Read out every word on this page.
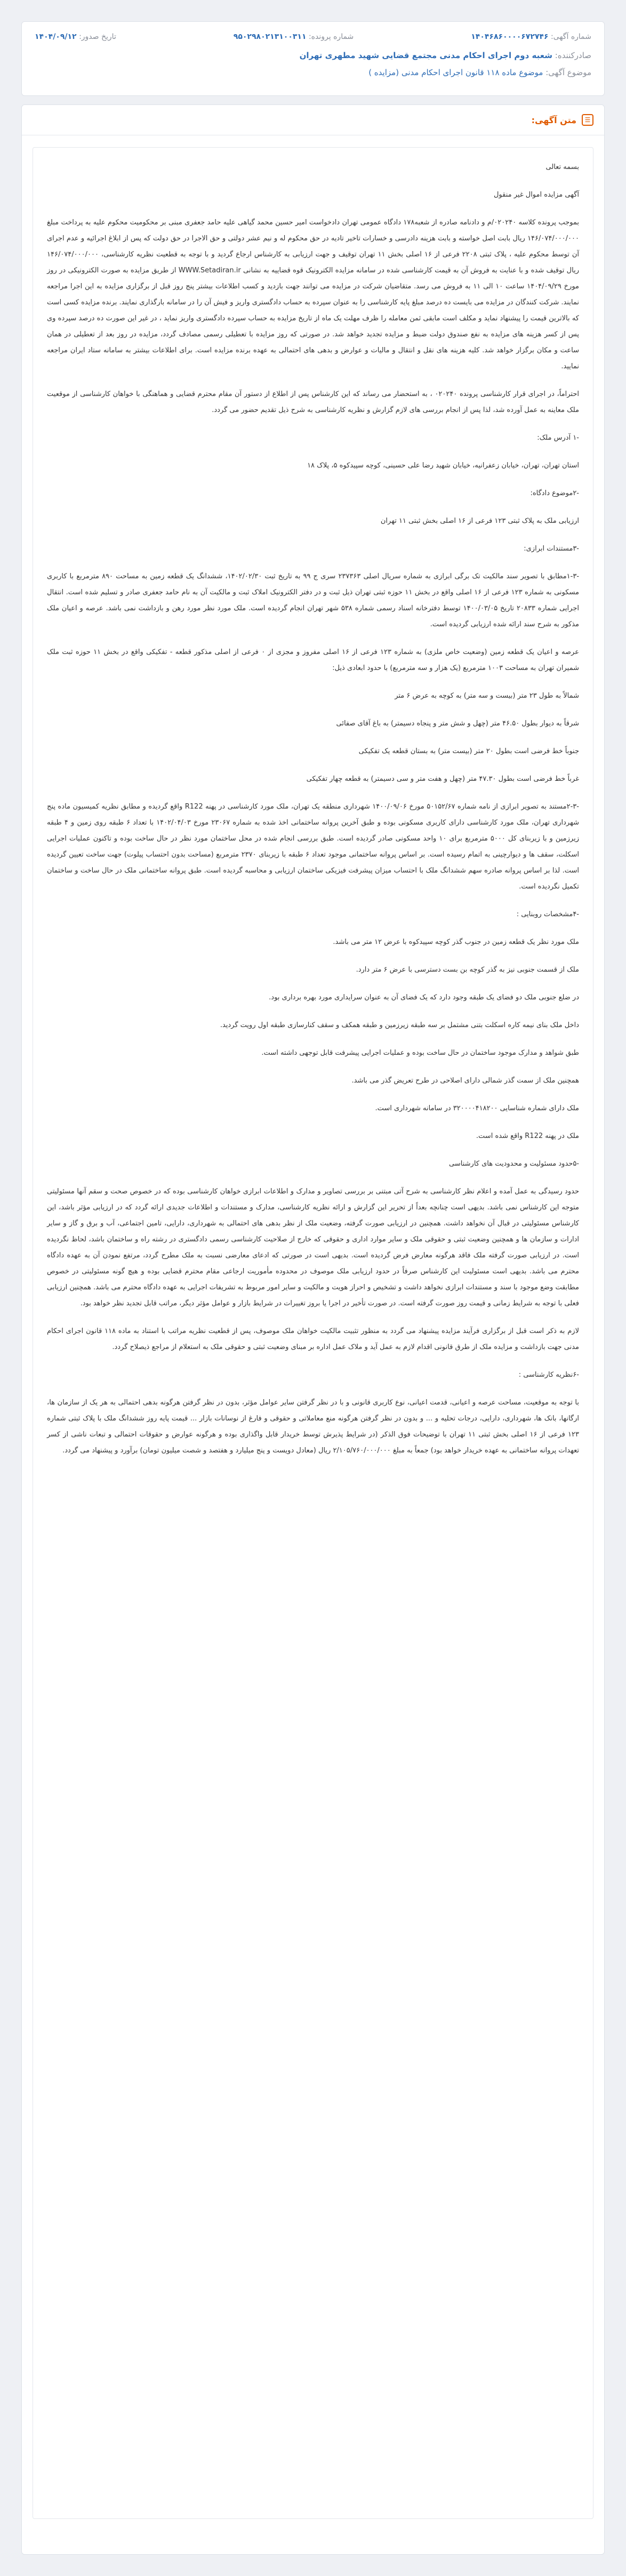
شماره آگهی: ۱۴۰۴۶۸۶۰۰۰۰۶۷۲۷۴۶
شماره پرونده: ۹۵۰۲۹۸۰۲۱۳۱۰۰۳۱۱
تاریخ صدور: ۱۴۰۴/۰۹/۱۲
صادرکننده: شعبه دوم اجرای احکام مدنی مجتمع قضایی شهید مطهری تهران
موضوع آگهی: موضوع ماده ۱۱۸ قانون اجرای احکام مدنی (مزایده )
☰
متن آگهی:

بسمه تعالی

آگهی مزایده اموال غیر منقول

بموجب پرونده کلاسه ۰۲۰۲۴۰/م و دادنامه صادره از شعبه۱۷۸ دادگاه عمومی تهران دادخواست امیر حسین محمد گیاهی علیه حامد جعفری مبنی بر محکومیت محکوم علیه به پرداخت مبلغ ۱۴۶/۰۷۴/۰۰۰/۰۰۰ ریال بابت اصل خواسته و بابت هزینه دادرسی و خسارات تاخیر تادیه در حق محکوم له و نیم عشر دولتی و حق الاجرا در حق دولت که پس از ابلاغ اجرائیه و عدم اجرای آن توسط محکوم علیه ، پلاک ثبتی ۲۲۰۸ فرعی از ۱۶ اصلی بخش ۱۱ تهران توقیف و جهت ارزیابی به کارشناس ارجاع گردید و با توجه به قطعیت نظریه کارشناسی، ۱۴۶/۰۷۴/۰۰۰/۰۰۰ ریال توقیف شده و با عنایت به فروش آن به قیمت کارشناسی شده در سامانه مزایده الکترونیک قوه قضاییه به نشانی WWW.Setadiran.ir از طریق مزایده به صورت الکترونیکی در روز مورخ ۱۴۰۴/۰۹/۲۹ ساعت ۱۰ الی ۱۱ به فروش می رسد. متقاضیان شرکت در مزایده می توانند جهت بازدید و کسب اطلاعات بیشتر پنج روز قبل از برگزاری مزایده به این اجرا مراجعه نمایند. شرکت کنندگان در مزایده می بایست ده درصد مبلغ پایه کارشناسی را به عنوان سپرده به حساب دادگستری واریز و فیش آن را در سامانه بارگذاری نمایند. برنده مزایده کسی است که بالاترین قیمت را پیشنهاد نماید و مکلف است مابقی ثمن معامله را ظرف مهلت یک ماه از تاریخ مزایده به حساب سپرده دادگستری واریز نماید ، در غیر این صورت ده درصد سپرده وی پس از کسر هزینه های مزایده به نفع صندوق دولت ضبط و مزایده تجدید خواهد شد. در صورتی که روز مزایده با تعطیلی رسمی مصادف گردد، مزایده در روز بعد از تعطیلی در همان ساعت و مکان برگزار خواهد شد. کلیه هزینه های نقل و انتقال و مالیات و عوارض و بدهی های احتمالی به عهده برنده مزایده است. برای اطلاعات بیشتر به سامانه ستاد ایران مراجعه نمایید.

احتراماً، در اجرای قرار کارشناسی پرونده ۰۲۰۲۴۰ ، به استحضار می رساند که این کارشناس پس از اطلاع از دستور آن مقام محترم قضایی و هماهنگی با خواهان کارشناسی از موقعیت ملک معاینه به عمل آورده شد، لذا پس از انجام بررسی های لازم گزارش و نظریه کارشناسی به شرح ذیل تقدیم حضور می گردد.

-۱ آدرس ملک:

استان تهران، تهران، خیابان زعفرانیه، خیابان شهید رضا علی حسینی، کوچه سپیدکوه ۵، پلاک ۱۸

-۲موضوع دادگاه:

ارزیابی ملک به پلاک ثبتی ۱۲۳ فرعی از ۱۶ اصلی بخش ثبتی ۱۱ تهران

-۳مستندات ابرازی:

-۱-۳مطابق با تصویر سند مالکیت تک برگی ابرازی به شماره سریال اصلی ۲۳۷۳۶۳ سری ج ۹۹ به تاریخ ثبت ۱۴۰۲/۰۲/۳۰، ششدانگ یک قطعه زمین به مساحت ۸۹۰ مترمربع با کاربری مسکونی به شماره ۱۲۳ فرعی از ۱۶ اصلی واقع در بخش ۱۱ حوزه ثبتی تهران ذیل ثبت و در دفتر الکترونیک املاک ثبت و مالکیت آن به نام حامد جعفری صادر و تسلیم شده است. انتقال اجرایی شماره ۲۰۸۳۳ تاریخ ۱۴۰۰/۰۳/۰۵ توسط دفترخانه اسناد رسمی شماره ۵۳۸ شهر تهران انجام گردیده است. ملک مورد نظر مورد رهن و بازداشت نمی باشد. عرصه و اعیان ملک مذکور به شرح سند ارائه شده ارزیابی گردیده است.

عرصه و اعیان یک قطعه زمین (وضعیت خاص ملزی) به شماره ۱۲۳ فرعی از ۱۶ اصلی مفروز و مجزی از ۰ فرعی از اصلی مذکور قطعه - تفکیکی واقع در بخش ۱۱ حوزه ثبت ملک شمیران تهران به مساحت ۱۰۰۳ مترمربع (یک هزار و سه مترمربع) با حدود ابعادی ذیل:

شمالاً به طول ۲۳ متر (بیست و سه متر) به کوچه به عرض ۶ متر

شرقاً به دیوار بطول ۴۶.۵۰ متر (چهل و شش متر و پنجاه دسیمتر) به باغ آقای صفائی

جنوباً خط فرضی است بطول ۲۰ متر (بیست متر) به بستان قطعه یک تفکیکی

غرباً خط فرضی است بطول ۴۷.۳۰ متر (چهل و هفت متر و سی دسیمتر) به قطعه چهار تفکیکی

-۲-۳مستند به تصویر ابرازی از نامه شماره ۵۰۱۵۲/۶۷ مورخ ۱۴۰۰/۰۹/۰۶ شهرداری منطقه یک تهران، ملک مورد کارشناسی در پهنه R122 واقع گردیده و مطابق نظریه کمیسیون ماده پنج شهرداری تهران، ملک مورد کارشناسی دارای کاربری مسکونی بوده و طبق آخرین پروانه ساختمانی اخذ شده به شماره ۲۳۰۶۷ مورخ ۱۴۰۲/۰۴/۰۳ با تعداد ۶ طبقه روی زمین و ۴ طبقه زیرزمین و با زیربنای کل ۵۰۰۰ مترمربع برای ۱۰ واحد مسکونی صادر گردیده است. طبق بررسی انجام شده در محل ساختمان مورد نظر در حال ساخت بوده و تاکنون عملیات اجرایی اسکلت، سقف ها و دیوارچینی به اتمام رسیده است. بر اساس پروانه ساختمانی موجود تعداد ۶ طبقه با زیربنای ۲۳۷۰ مترمربع (مساحت بدون احتساب پیلوت) جهت ساخت تعیین گردیده است. لذا بر اساس پروانه صادره سهم ششدانگ ملک با احتساب میزان پیشرفت فیزیکی ساختمان ارزیابی و محاسبه گردیده است. طبق پروانه ساختمانی ملک در حال ساخت و ساختمان تکمیل نگردیده است.

-۴مشخصات روبنایی :

ملک مورد نظر یک قطعه زمین در جنوب گذر کوچه سپیدکوه با عرض ۱۲ متر می باشد.

ملک از قسمت جنوبی نیز به گذر کوچه بن بست دسترسی با عرض ۶ متر دارد.

در ضلع جنوبی ملک دو فضای یک طبقه وجود دارد که یک فضای آن به عنوان سرایداری مورد بهره برداری بود.

داخل ملک بنای نیمه کاره اسکلت بتنی مشتمل بر سه طبقه زیرزمین و طبقه همکف و سقف کنارسازی طبقه اول رویت گردید.

طبق شواهد و مدارک موجود ساختمان در حال ساخت بوده و عملیات اجرایی پیشرفت قابل توجهی داشته است.

همچنین ملک از سمت گذر شمالی دارای اصلاحی در طرح تعریض گذر می باشد.

ملک دارای شماره شناسایی ۳۲۰۰۰۰۴۱۸۲۰۰ در سامانه شهرداری است.

ملک در پهنه R122 واقع شده است.

-۵حدود مسئولیت و محدودیت های کارشناسی

حدود رسیدگی به عمل آمده و اعلام نظر کارشناسی به شرح آتی مبتنی بر بررسی تصاویر و مدارک و اطلاعات ابرازی خواهان کارشناسی بوده که در خصوص صحت و سقم آنها مسئولیتی متوجه این کارشناس نمی باشد. بدیهی است چنانچه بعداً از تحریر این گزارش و ارائه نظریه کارشناسی، مدارک و مستندات و اطلاعات جدیدی ارائه گردد که در ارزیابی مؤثر باشد، این کارشناس مسئولیتی در قبال آن نخواهد داشت. همچنین در ارزیابی صورت گرفته، وضعیت ملک از نظر بدهی های احتمالی به شهرداری، دارایی، تامین اجتماعی، آب و برق و گاز و سایر ادارات و سازمان ها و همچنین وضعیت ثبتی و حقوقی ملک و سایر موارد اداری و حقوقی که خارج از صلاحیت کارشناسی رسمی دادگستری در رشته راه و ساختمان باشد، لحاظ نگردیده است. در ارزیابی صورت گرفته ملک فاقد هرگونه معارض فرض گردیده است. بدیهی است در صورتی که ادعای معارضی نسبت به ملک مطرح گردد، مرتفع نمودن آن به عهده دادگاه محترم می باشد. بدیهی است مسئولیت این کارشناس صرفاً در حدود ارزیابی ملک موصوف در محدوده مأموریت ارجاعی مقام محترم قضایی بوده و هیچ گونه مسئولیتی در خصوص مطابقت وضع موجود با سند و مستندات ابرازی نخواهد داشت و تشخیص و احراز هویت و مالکیت و سایر امور مربوط به تشریفات اجرایی به عهده دادگاه محترم می باشد. همچنین ارزیابی فعلی با توجه به شرایط زمانی و قیمت روز صورت گرفته است. در صورت تأخیر در اجرا یا بروز تغییرات در شرایط بازار و عوامل مؤثر دیگر، مراتب قابل تجدید نظر خواهد بود.

لازم به ذکر است قبل از برگزاری فرآیند مزایده پیشنهاد می گردد به منظور تثبیت مالکیت خواهان ملک موصوف، پس از قطعیت نظریه مراتب با استناد به ماده ۱۱۸ قانون اجرای احکام مدنی جهت بازداشت و مزایده ملک از طرق قانونی اقدام لازم به عمل آید و ملاک عمل اداره بر مبنای وضعیت ثبتی و حقوقی ملک به استعلام از مراجع ذیصلاح گردد.

-۶نظریه کارشناسی :

با توجه به موقعیت، مساحت عرصه و اعیانی، قدمت اعیانی، نوع کاربری قانونی و با در نظر گرفتن سایر عوامل مؤثر، بدون در نظر گرفتن هرگونه بدهی احتمالی به هر یک از سازمان ها، ارگانها، بانک ها، شهرداری، دارایی، درجات تحلیه و ... و بدون در نظر گرفتن هرگونه منع معاملاتی و حقوقی و فارغ از نوسانات بازار ... قیمت پایه روز ششدانگ ملک با پلاک ثبتی شماره ۱۲۳ فرعی از ۱۶ اصلی بخش ثبتی ۱۱ تهران با توضیحات فوق الذکر (در شرایط پذیرش توسط خریدار قابل واگذاری بوده و هرگونه عوارض و حقوقات احتمالی و تبعات ناشی از کسر تعهدات پروانه ساختمانی به عهده خریدار خواهد بود) جمعاً به مبلغ ۲/۱۰۵/۷۶۰/۰۰۰/۰۰۰ ریال (معادل دویست و پنج میلیارد و هفتصد و شصت میلیون تومان) برآورد و پیشنهاد می گردد.
